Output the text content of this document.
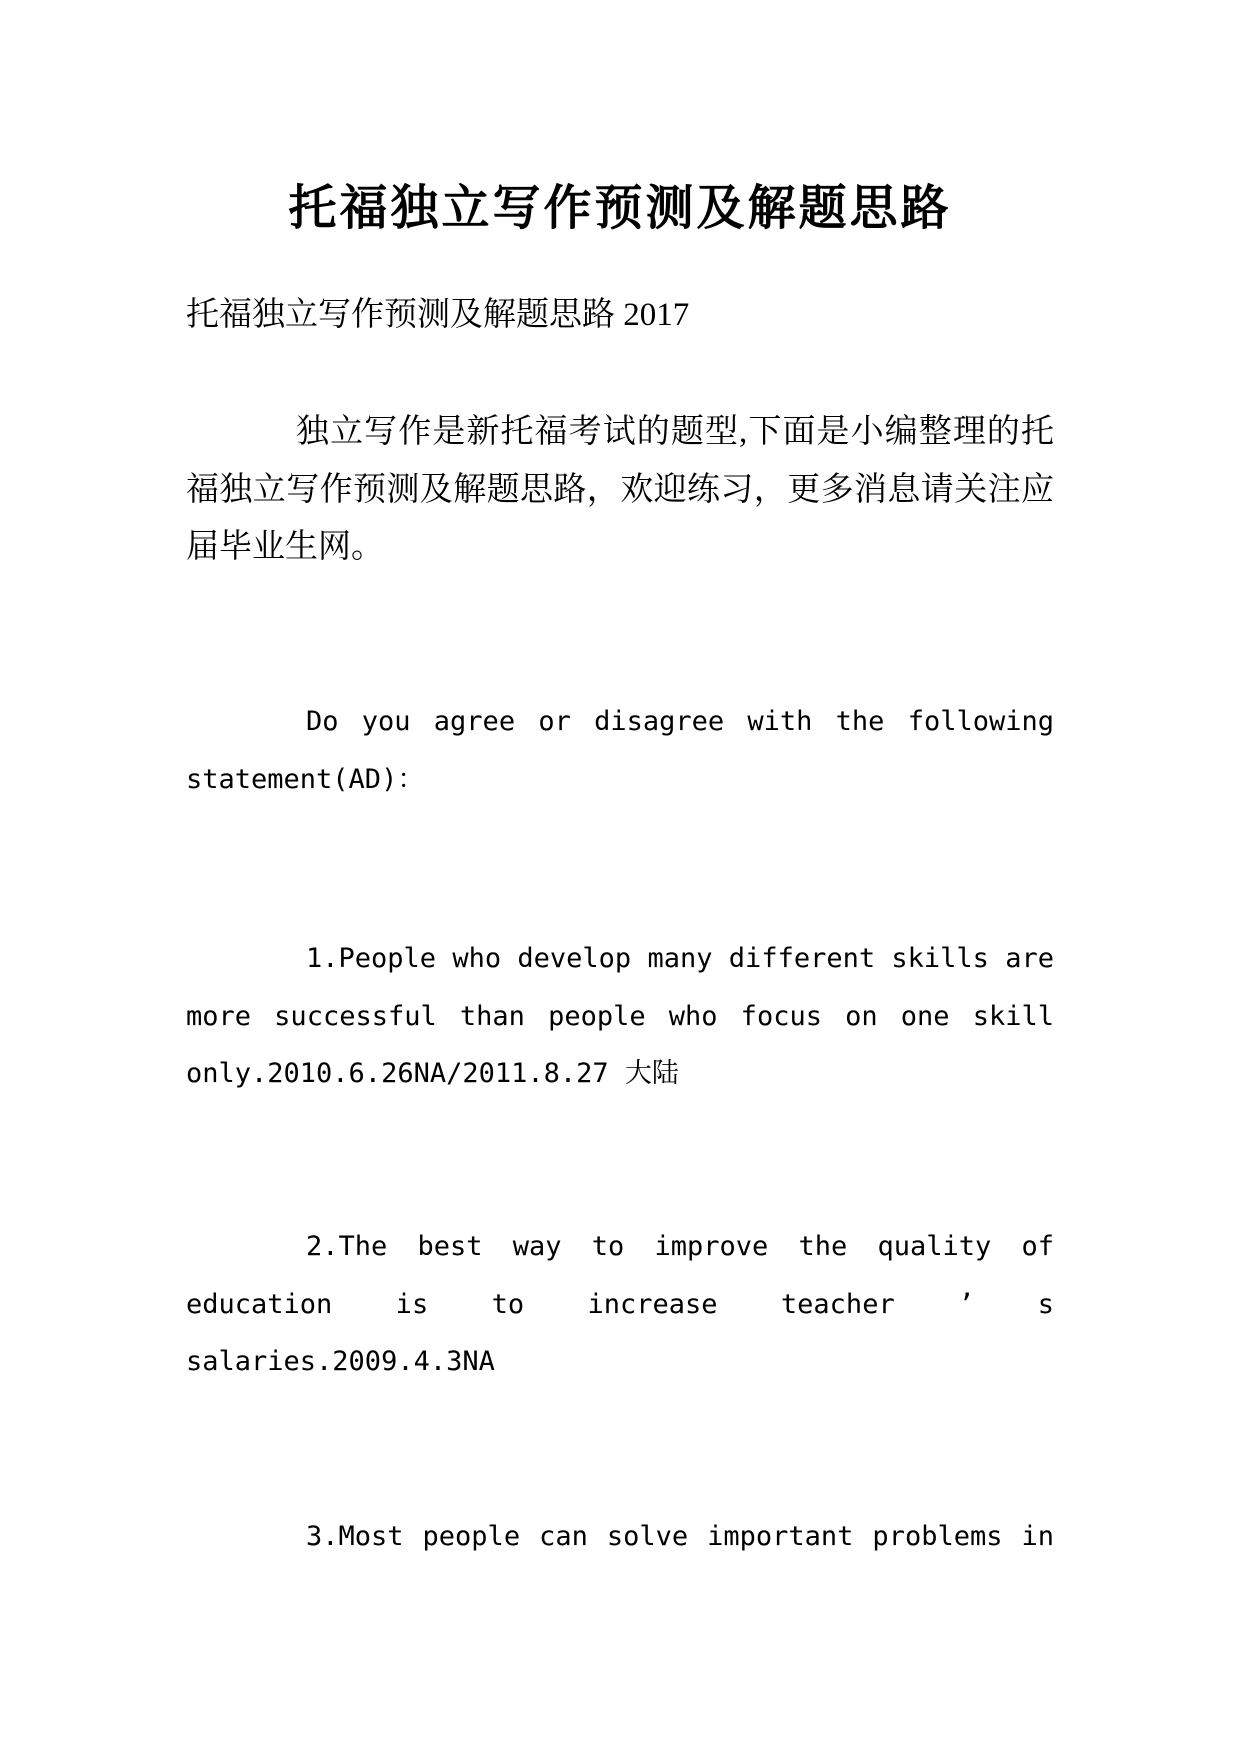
托福独立写作预测及解题思路

托福独立写作预测及解题思路 2017

独立写作是新托福考试的题型,下面是小编整理的托福独立写作预测及解题思路，欢迎练习，更多消息请关注应届毕业生网。

Do you agree or disagree with the following statement(AD)：

1.People who develop many different skills are more successful than people who focus on one skill only.2010.6.26NA/2011.8.27 大陆

2.The best way to improve the quality of education is to increase teacher ’ s salaries.2009.4.3NA

3.Most people can solve important problems in
